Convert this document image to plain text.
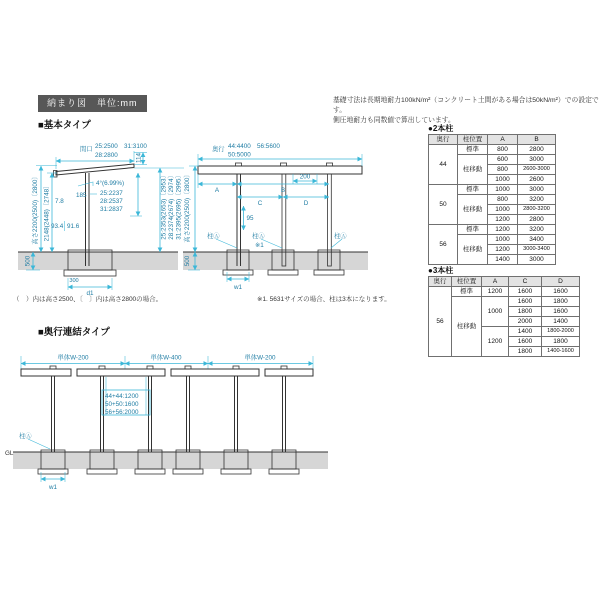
納まり図　単位:mm	基礎寸法は長期地耐力100kN/m²（コンクリート土間がある場合は50kN/m²）での設定です。
側圧地耐力も同数値で算出しています。
■基本タイプ
■奥行連結タイプ
（　）内は高さ2500、〔　〕内は高さ2800の場合。	※1. 5631サイズの場合、柱は3本になります。
●2本柱
奥行	柱位置	A	B
44	標準	800	2800
	柱移動	600	3000
		800	2600-3000
		1000	2600
50	標準	1000	3000
	柱移動	800	3200
		1000	2800-3200
		1200	2800
56	標準	1200	3200
	柱移動	1000	3400
		1200	3000-3400
		1400	3000
●3本柱
奥行	柱位置	A	C	D
56	標準	1200	1600	1600
	柱移動	1000	1600	1800
			1800	1600
			2000	1400
		1200	1400	1800-2000
			1600	1800
			1800	1400-1600
間口 25:2500　31:3100
28:2800	114
4°(6.99%)
185 25:2237
28:2537
31:2837
7.8
93.4 91.6
高さ2200(2500)〔2800〕 2148(2448)〔2748〕	25:2353(2653)〔2953〕 28:2374(2674)〔2974〕 31:2395(2695)〔2995〕
500
300
d1
奥行 44:4400　56:5600
50:5000
200
A	B
C	D
95
柱Ⓐ	柱Ⓐ	柱Ⓐ
※1
高さ2200(2500)〔2800〕
500
w1
単体W-200	単体W-400	単体W-200
44+44:1200
50+50:1600
56+56:2000
柱Ⓐ
GL
w1
